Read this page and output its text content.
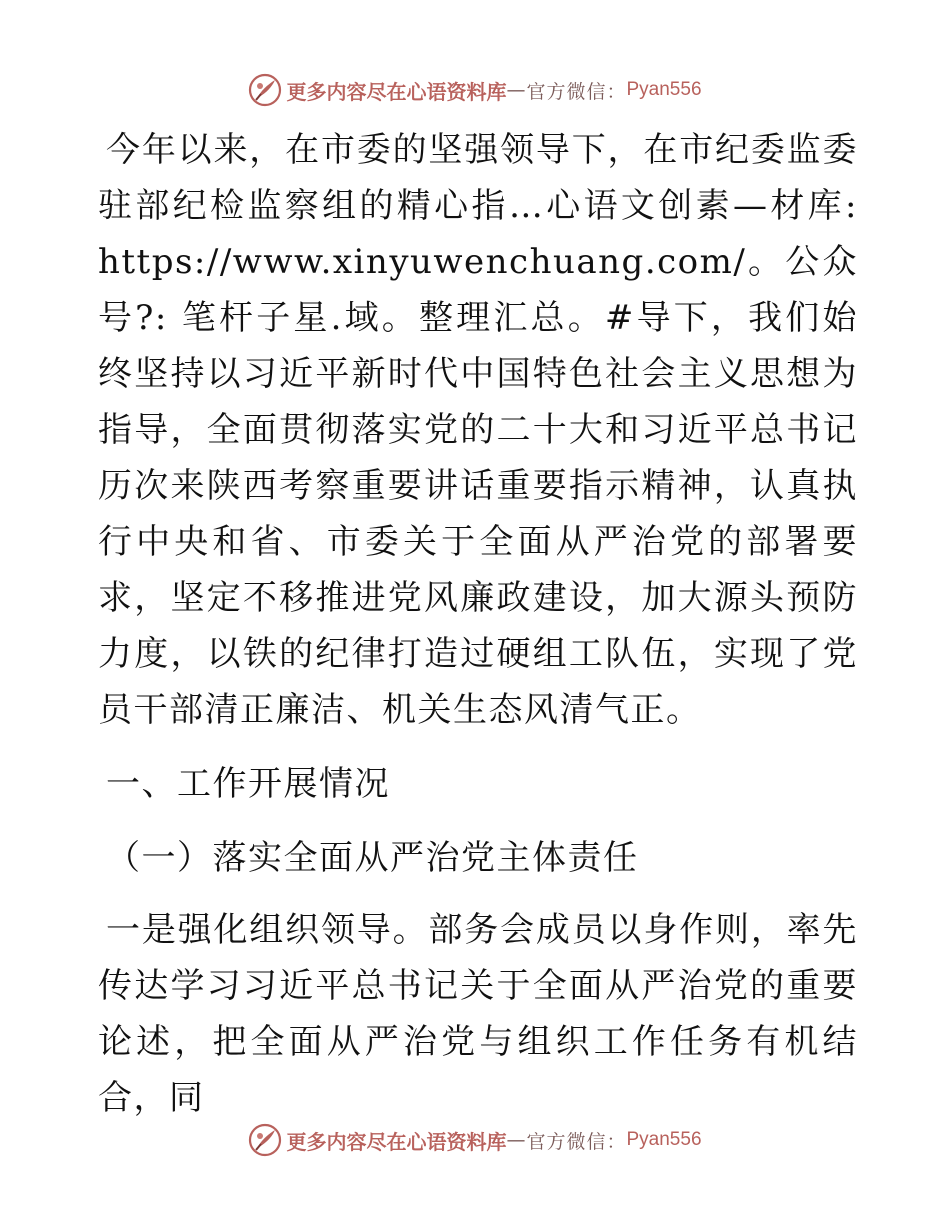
更多内容尽在心语资料库 — 官方微信： Pyan556

今年以来，在市委的坚强领导下，在市纪委监委驻部纪检监察组的精心指…心语文创素—材库: https://www.xinyuwenchuang.com/。公众号?: 笔杆子星.域。整理汇总。#导下，我们始终坚持以习近平新时代中国特色社会主义思想为指导，全面贯彻落实党的二十大和习近平总书记历次来陕西考察重要讲话重要指示精神，认真执行中央和省、市委关于全面从严治党的部署要求，坚定不移推进党风廉政建设，加大源头预防力度，以铁的纪律打造过硬组工队伍，实现了党员干部清正廉洁、机关生态风清气正。

一、工作开展情况

（一）落实全面从严治党主体责任

一是强化组织领导。部务会成员以身作则，率先传达学习习近平总书记关于全面从严治党的重要论述，把全面从严治党与组织工作任务有机结合，同

更多内容尽在心语资料库 — 官方微信： Pyan556
